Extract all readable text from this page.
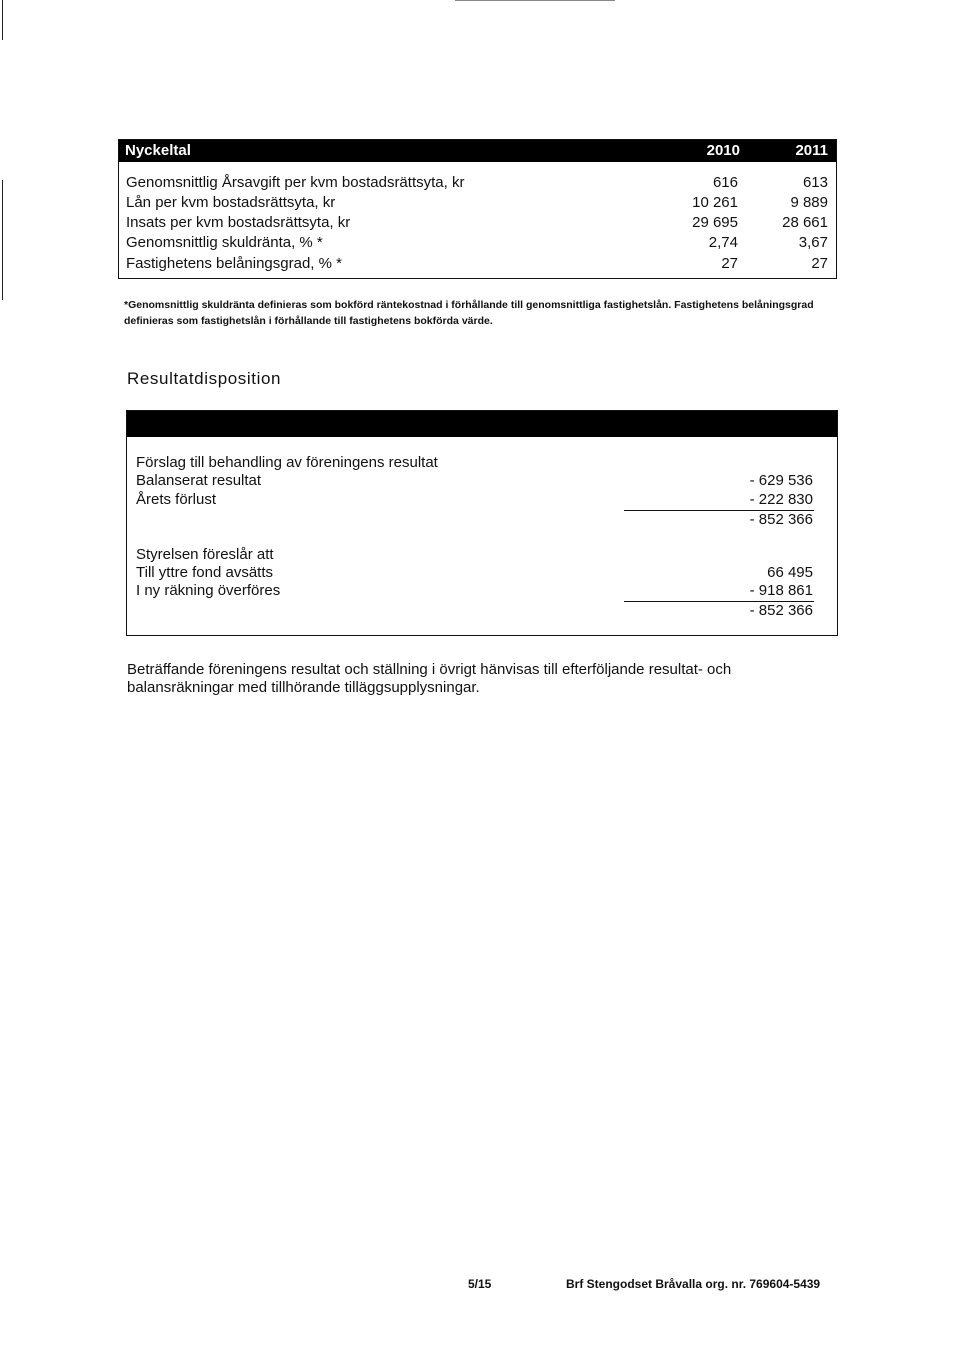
Nyckeltal	2010	2011
Genomsnittlig Årsavgift per kvm bostadsrättsyta, kr	616	613
Lån per kvm bostadsrättsyta, kr	10 261	9 889
Insats per kvm bostadsrättsyta, kr	29 695	28 661
Genomsnittlig skuldränta, % *	2,74	3,67
Fastighetens belåningsgrad, % *	27	27
*Genomsnittlig skuldränta definieras som bokförd räntekostnad i förhållande till genomsnittliga fastighetslån. Fastighetens belåningsgrad definieras som fastighetslån i förhållande till fastighetens bokförda värde.
Resultatdisposition
Förslag till behandling av föreningens resultat
Balanserat resultat	- 629 536
Årets förlust	- 222 830
- 852 366
Styrelsen föreslår att
Till yttre fond avsätts	66 495
I ny räkning överföres	- 918 861
- 852 366
Beträffande föreningens resultat och ställning i övrigt hänvisas till efterföljande resultat- och balansräkningar med tillhörande tilläggsupplysningar.
5/15	Brf Stengodset Bråvalla org. nr. 769604-5439
